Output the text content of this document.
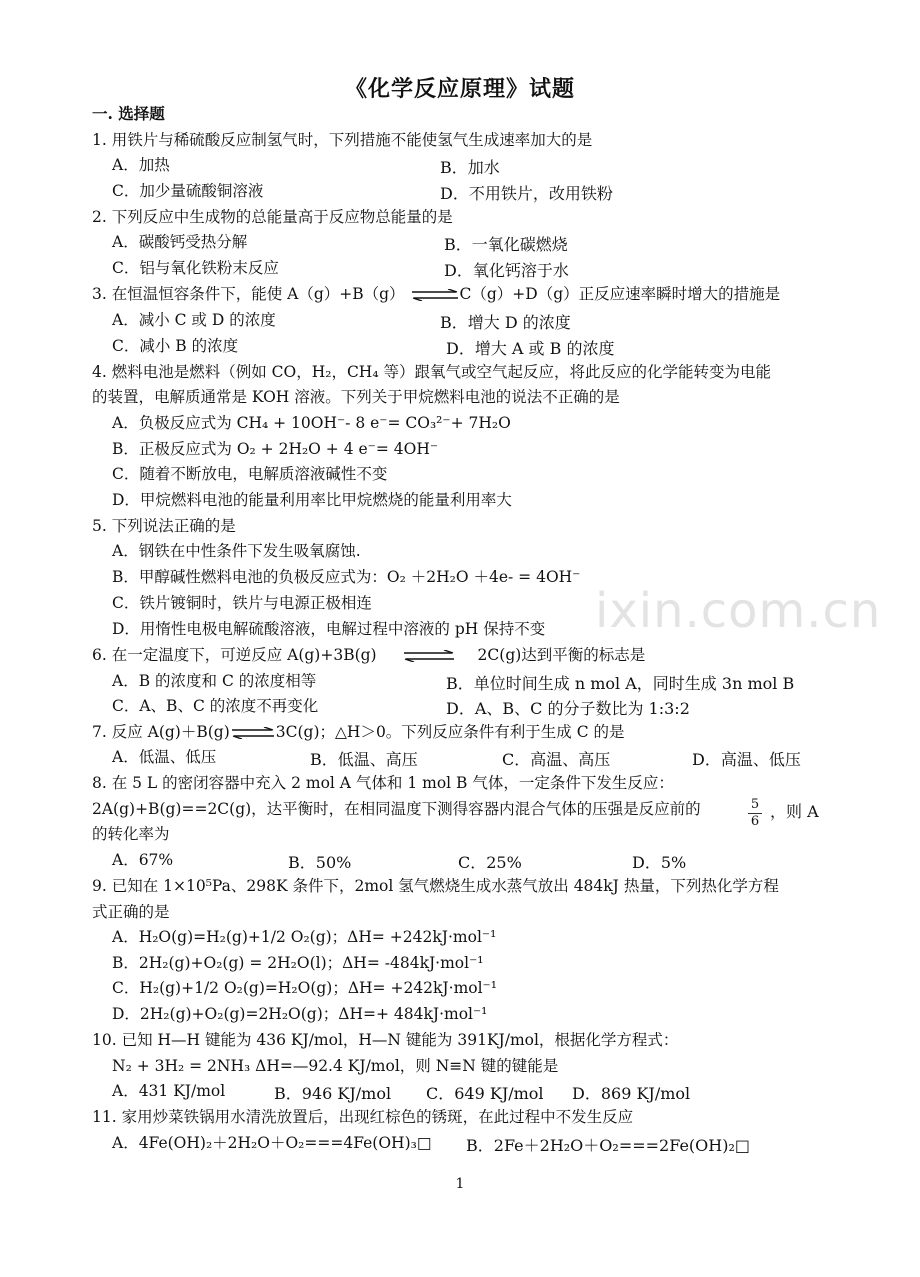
《化学反应原理》试题
一. 选择题
1. 用铁片与稀硫酸反应制氢气时，下列措施不能使氢气生成速率加大的是
A．加热	B．加水
C．加少量硫酸铜溶液	D．不用铁片，改用铁粉
2. 下列反应中生成物的总能量高于反应物总能量的是
A．碳酸钙受热分解	B．一氧化碳燃烧
C．铝与氧化铁粉末反应	D．氧化钙溶于水
3. 在恒温恒容条件下，能使 A（g）+B（g） ⇌C（g）+D（g）正反应速率瞬时增大的措施是
A．减小 C 或 D 的浓度	B．增大 D 的浓度
C．减小 B 的浓度	D．增大 A 或 B 的浓度
4. 燃料电池是燃料（例如 CO，H₂，CH₄ 等）跟氧气或空气起反应，将此反应的化学能转变为电能
的装置，电解质通常是 KOH 溶液。下列关于甲烷燃料电池的说法不正确的是
A．负极反应式为 CH₄ + 10OH⁻- 8 e⁻= CO₃²⁻+ 7H₂O
B．正极反应式为 O₂ + 2H₂O + 4 e⁻= 4OH⁻
C．随着不断放电，电解质溶液碱性不变
D．甲烷燃料电池的能量利用率比甲烷燃烧的能量利用率大
5. 下列说法正确的是
A．钢铁在中性条件下发生吸氧腐蚀.
B．甲醇碱性燃料电池的负极反应式为：O₂ ＋2H₂O ＋4e- = 4OH⁻
C．铁片镀铜时，铁片与电源正极相连
D．用惰性电极电解硫酸溶液，电解过程中溶液的 pH 保持不变 ixin.com.cn
6. 在一定温度下，可逆反应 A(g)+3B(g)	2C(g)达到平衡的标志是
A．B 的浓度和 C 的浓度相等	B．单位时间生成 n mol A，同时生成 3n mol B
C．A、B、C 的浓度不再变化	D．A、B、C 的分子数比为 1:3:2
7. 反应 A(g)＋B(g)⇌3C(g)；△H＞0。下列反应条件有利于生成 C 的是
A．低温、低压	B．低温、高压	C．高温、高压	D．高温、低压
8. 在 5 L 的密闭容器中充入 2 mol A 气体和 1 mol B 气体，一定条件下发生反应：
2A(g)+B(g)==2C(g)，达平衡时，在相同温度下测得容器内混合气体的压强是反应前的	$\frac{5}{6}$ ，则 A
的转化率为
A．67%	B．50%	C．25%	D．5%
9. 已知在 1×10⁵Pa、298K 条件下，2mol 氢气燃烧生成水蒸气放出 484kJ 热量，下列热化学方程
式正确的是
A．H₂O(g)=H₂(g)+1/2 O₂(g)；ΔH= +242kJ·mol⁻¹
B．2H₂(g)+O₂(g) = 2H₂O(l)；ΔH= -484kJ·mol⁻¹
C．H₂(g)+1/2 O₂(g)=H₂O(g)；ΔH= +242kJ·mol⁻¹
D．2H₂(g)+O₂(g)=2H₂O(g)；ΔH=+ 484kJ·mol⁻¹
10. 已知 H—H 键能为 436 KJ/mol，H—N 键能为 391KJ/mol，根据化学方程式：
N₂ + 3H₂ = 2NH₃ ΔH=—92.4 KJ/mol，则 N≡N 键的键能是
A．431 KJ/mol	B．946 KJ/mol C．649 KJ/mol D．869 KJ/mol
11. 家用炒菜铁锅用水清洗放置后，出现红棕色的锈斑，在此过程中不发生反应
A．4Fe(OH)₂＋2H₂O＋O₂===4Fe(OH)₃□ B．2Fe＋2H₂O＋O₂===2Fe(OH)₂□
1
